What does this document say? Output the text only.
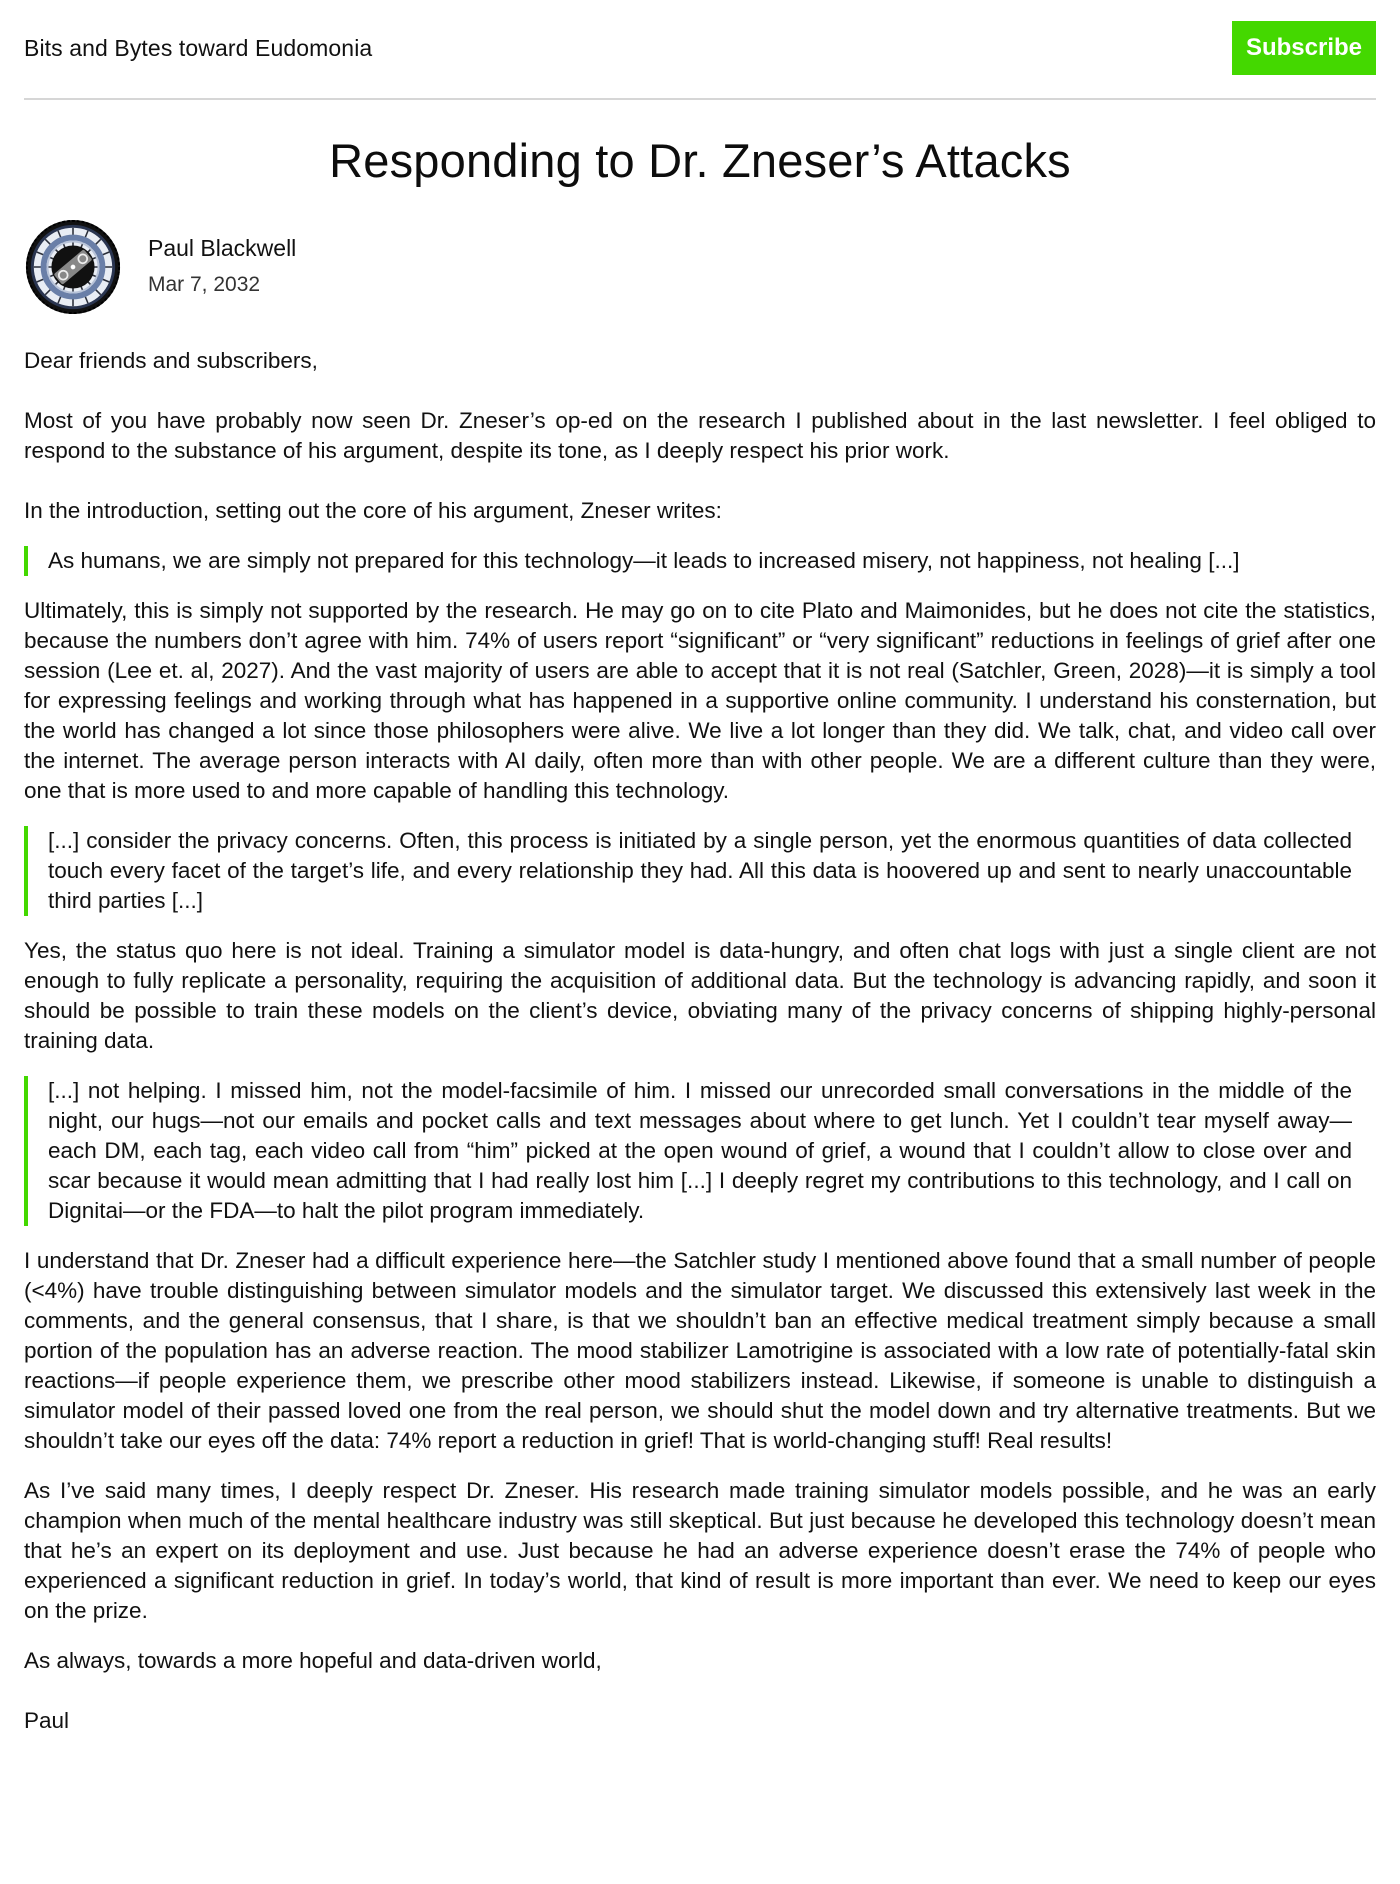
Bits and Bytes toward Eudomonia	Subscribe
Responding to Dr. Zneser’s Attacks
Paul Blackwell
Mar 7, 2032

Dear friends and subscribers,

Most of you have probably now seen Dr. Zneser’s op-ed on the research I published about in the last newsletter. I feel obliged to respond to the substance of his argument, despite its tone, as I deeply respect his prior work.

In the introduction, setting out the core of his argument, Zneser writes:

As humans, we are simply not prepared for this technology—it leads to increased misery, not happiness, not healing [...]

Ultimately, this is simply not supported by the research. He may go on to cite Plato and Maimonides, but he does not cite the statistics, because the numbers don’t agree with him. 74% of users report “significant” or “very significant” reductions in feelings of grief after one session (Lee et. al, 2027). And the vast majority of users are able to accept that it is not real (Satchler, Green, 2028)—it is simply a tool for expressing feelings and working through what has happened in a supportive online community. I understand his consternation, but the world has changed a lot since those philosophers were alive. We live a lot longer than they did. We talk, chat, and video call over the internet. The average person interacts with AI daily, often more than with other people. We are a different culture than they were, one that is more used to and more capable of handling this technology.

[...] consider the privacy concerns. Often, this process is initiated by a single person, yet the enormous quantities of data collected touch every facet of the target’s life, and every relationship they had. All this data is hoovered up and sent to nearly unaccountable third parties [...]

Yes, the status quo here is not ideal. Training a simulator model is data-hungry, and often chat logs with just a single client are not enough to fully replicate a personality, requiring the acquisition of additional data. But the technology is advancing rapidly, and soon it should be possible to train these models on the client’s device, obviating many of the privacy concerns of shipping highly-personal training data.

[...] not helping. I missed him, not the model-facsimile of him. I missed our unrecorded small conversations in the middle of the night, our hugs—not our emails and pocket calls and text messages about where to get lunch. Yet I couldn’t tear myself away—each DM, each tag, each video call from “him” picked at the open wound of grief, a wound that I couldn’t allow to close over and scar because it would mean admitting that I had really lost him [...] I deeply regret my contributions to this technology, and I call on Dignitai—or the FDA—to halt the pilot program immediately.

I understand that Dr. Zneser had a difficult experience here—the Satchler study I mentioned above found that a small number of people (<4%) have trouble distinguishing between simulator models and the simulator target. We discussed this extensively last week in the comments, and the general consensus, that I share, is that we shouldn’t ban an effective medical treatment simply because a small portion of the population has an adverse reaction. The mood stabilizer Lamotrigine is associated with a low rate of potentially-fatal skin reactions—if people experience them, we prescribe other mood stabilizers instead. Likewise, if someone is unable to distinguish a simulator model of their passed loved one from the real person, we should shut the model down and try alternative treatments. But we shouldn’t take our eyes off the data: 74% report a reduction in grief! That is world-changing stuff! Real results!

As I’ve said many times, I deeply respect Dr. Zneser. His research made training simulator models possible, and he was an early champion when much of the mental healthcare industry was still skeptical. But just because he developed this technology doesn’t mean that he’s an expert on its deployment and use. Just because he had an adverse experience doesn’t erase the 74% of people who experienced a significant reduction in grief. In today’s world, that kind of result is more important than ever. We need to keep our eyes on the prize.

As always, towards a more hopeful and data-driven world,

Paul
